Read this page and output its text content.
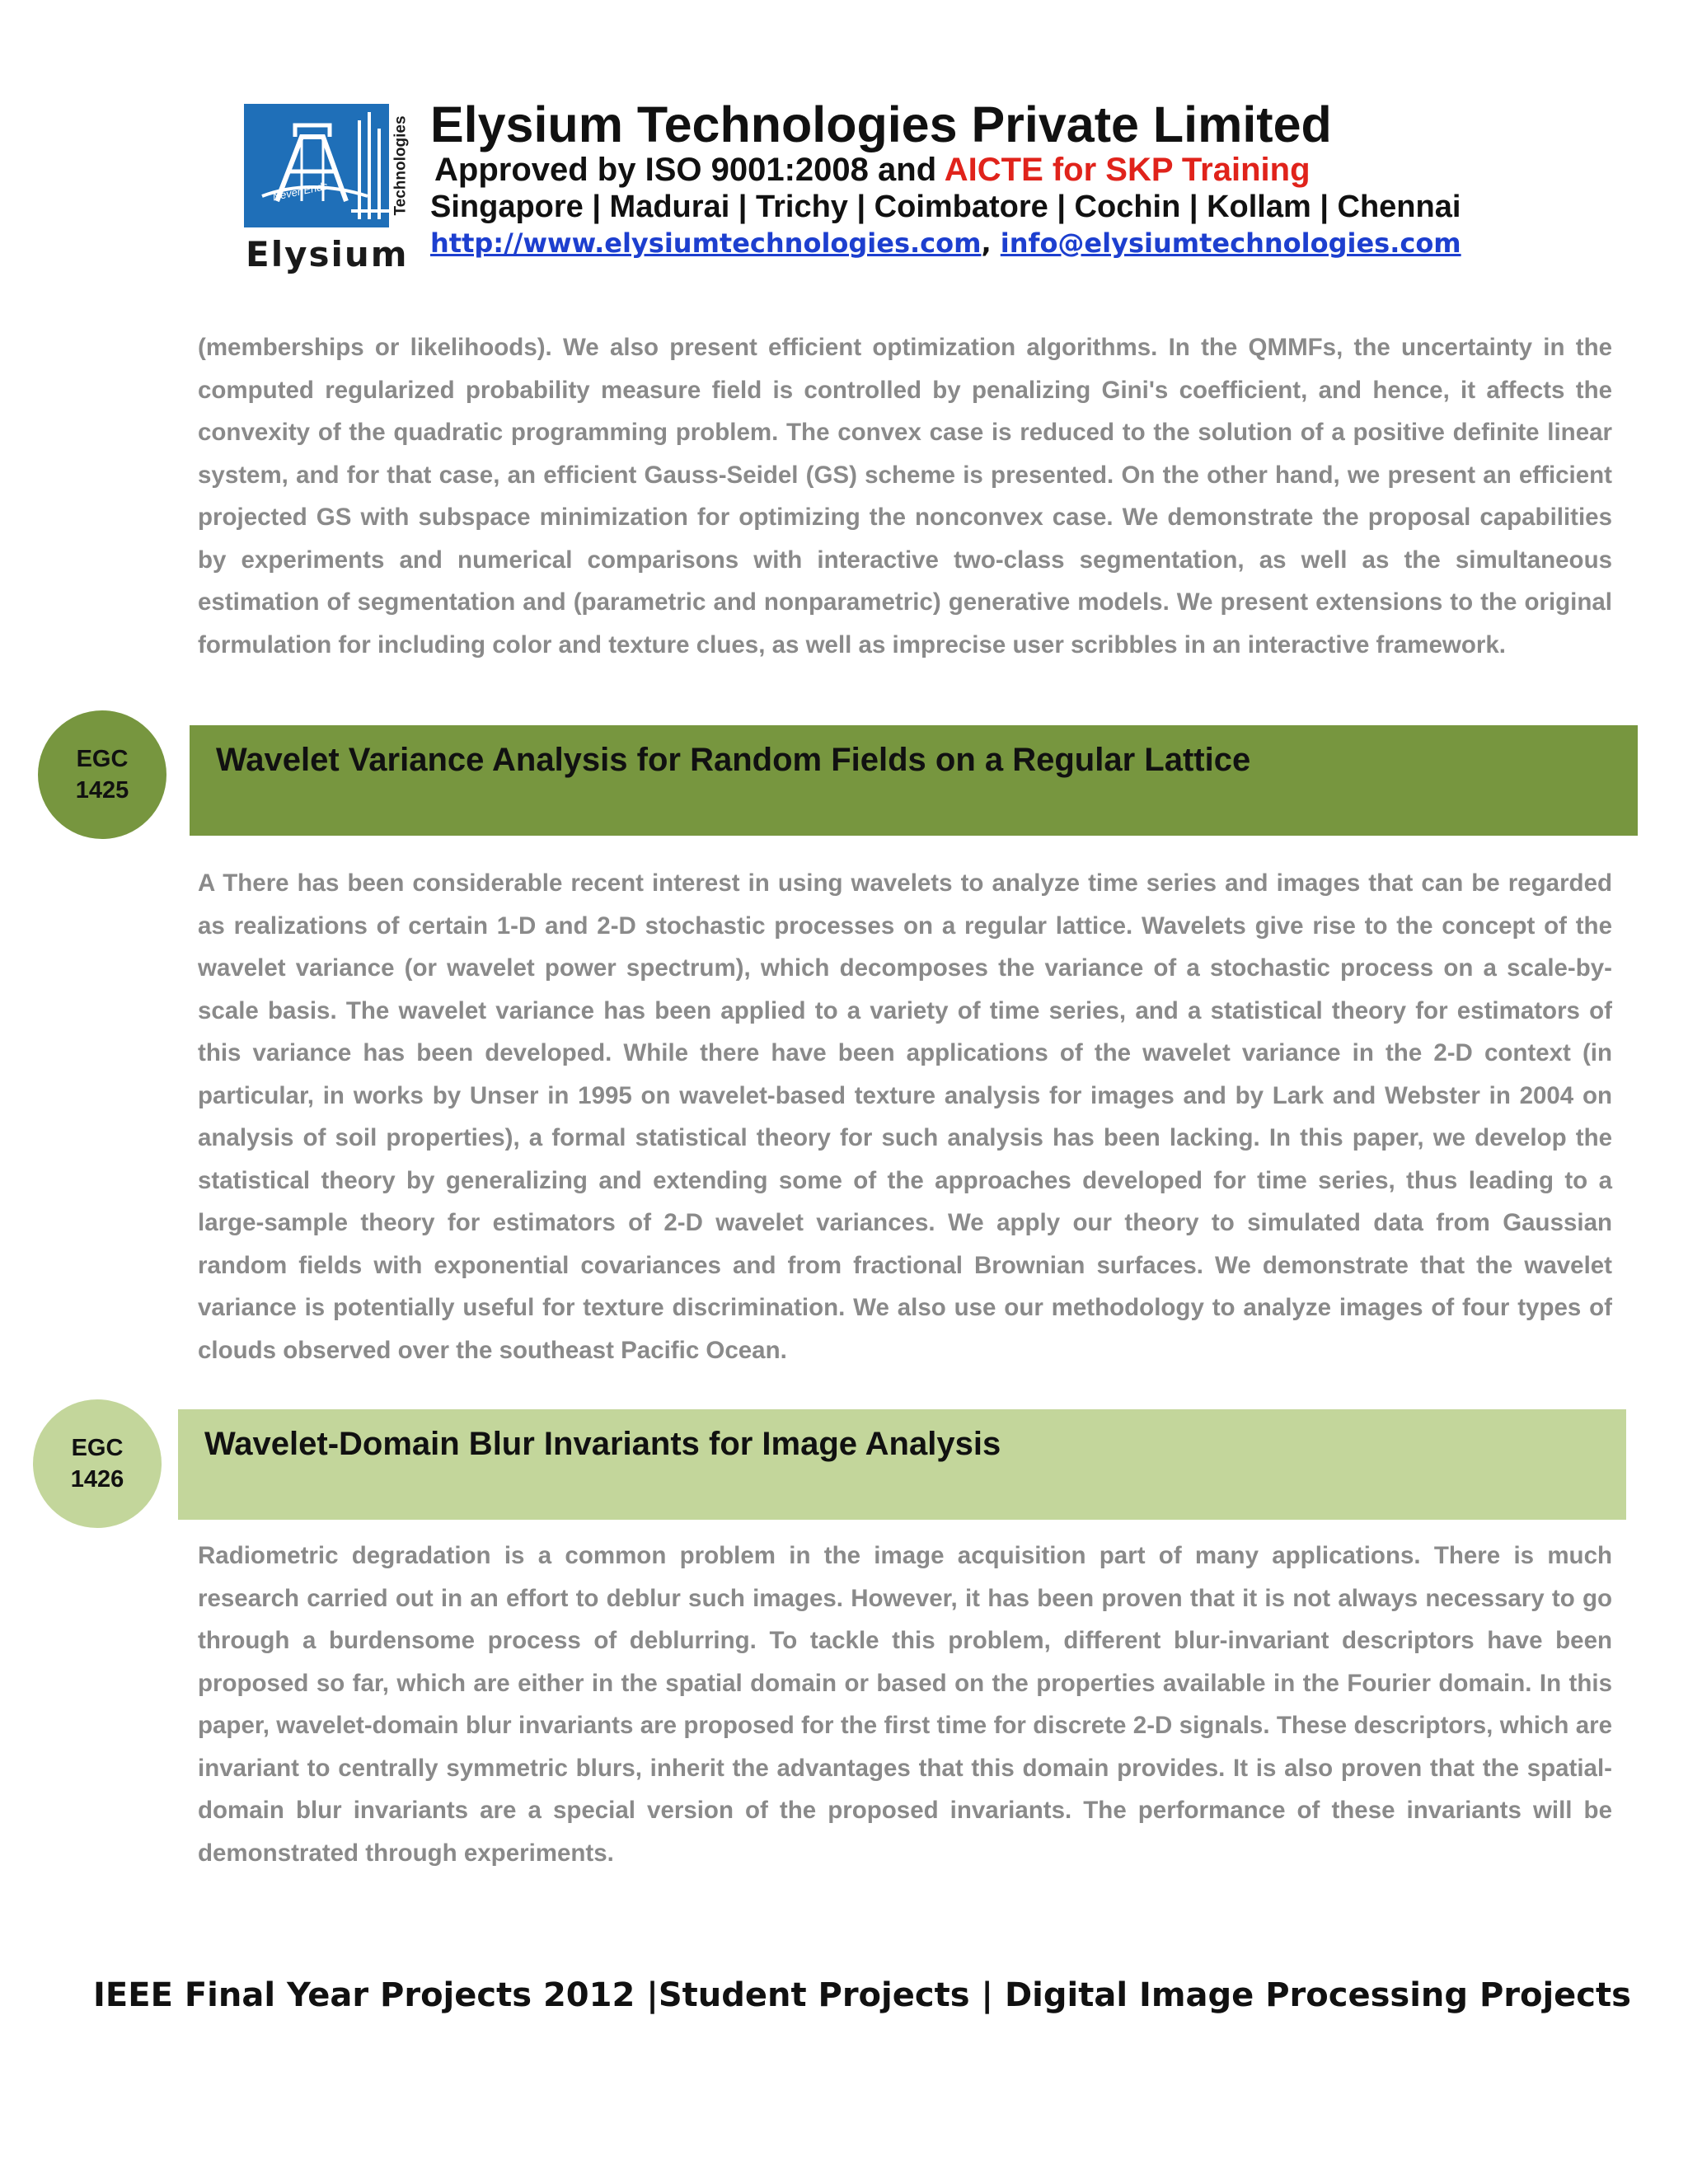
Never Ends	Technologies
Elysium
Elysium Technologies Private Limited
Approved by ISO 9001:2008 and AICTE for SKP Training
Singapore | Madurai | Trichy | Coimbatore | Cochin | Kollam | Chennai
http://www.elysiumtechnologies.com, info@elysiumtechnologies.com

(memberships or likelihoods). We also present efficient optimization algorithms. In the QMMFs, the uncertainty in the computed regularized probability measure field is controlled by penalizing Gini's coefficient, and hence, it affects the convexity of the quadratic programming problem. The convex case is reduced to the solution of a positive definite linear system, and for that case, an efficient Gauss-Seidel (GS) scheme is presented. On the other hand, we present an efficient projected GS with subspace minimization for optimizing the nonconvex case. We demonstrate the proposal capabilities by experiments and numerical comparisons with interactive two-class segmentation, as well as the simultaneous estimation of segmentation and (parametric and nonparametric) generative models. We present extensions to the original formulation for including color and texture clues, as well as imprecise user scribbles in an interactive framework.

EGC
1425
Wavelet Variance Analysis for Random Fields on a Regular Lattice

A There has been considerable recent interest in using wavelets to analyze time series and images that can be regarded as realizations of certain 1-D and 2-D stochastic processes on a regular lattice. Wavelets give rise to the concept of the wavelet variance (or wavelet power spectrum), which decomposes the variance of a stochastic process on a scale-by-scale basis. The wavelet variance has been applied to a variety of time series, and a statistical theory for estimators of this variance has been developed. While there have been applications of the wavelet variance in the 2-D context (in particular, in works by Unser in 1995 on wavelet-based texture analysis for images and by Lark and Webster in 2004 on analysis of soil properties), a formal statistical theory for such analysis has been lacking. In this paper, we develop the statistical theory by generalizing and extending some of the approaches developed for time series, thus leading to a large-sample theory for estimators of 2-D wavelet variances. We apply our theory to simulated data from Gaussian random fields with exponential covariances and from fractional Brownian surfaces. We demonstrate that the wavelet variance is potentially useful for texture discrimination. We also use our methodology to analyze images of four types of clouds observed over the southeast Pacific Ocean.

EGC
1426
Wavelet-Domain Blur Invariants for Image Analysis

Radiometric degradation is a common problem in the image acquisition part of many applications. There is much research carried out in an effort to deblur such images. However, it has been proven that it is not always necessary to go through a burdensome process of deblurring. To tackle this problem, different blur-invariant descriptors have been proposed so far, which are either in the spatial domain or based on the properties available in the Fourier domain. In this paper, wavelet-domain blur invariants are proposed for the first time for discrete 2-D signals. These descriptors, which are invariant to centrally symmetric blurs, inherit the advantages that this domain provides. It is also proven that the spatial-domain blur invariants are a special version of the proposed invariants. The performance of these invariants will be demonstrated through experiments.

IEEE Final Year Projects 2012 |Student Projects | Digital Image Processing Projects
